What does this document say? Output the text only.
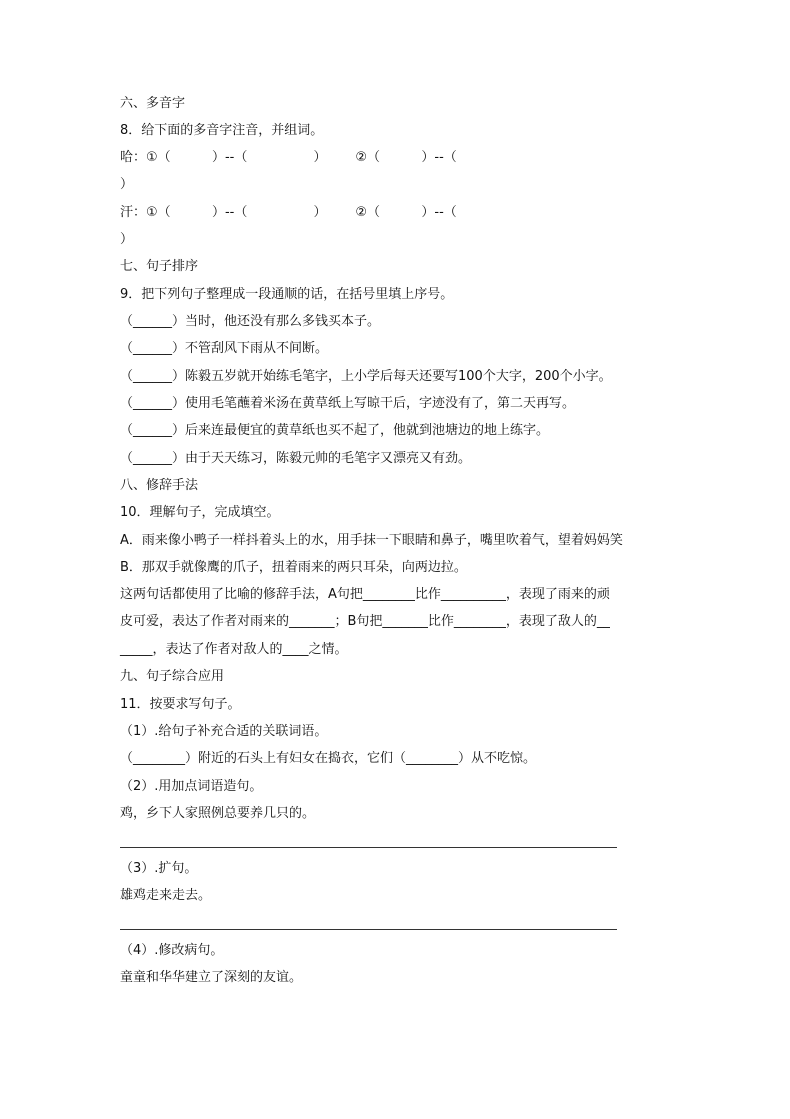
六、多音字
8．给下面的多音字注音，并组词。
哈：①（          ）--（                ）       ②（          ）--（
）
汗：①（          ）--（                ）       ②（          ）--（
）
七、句子排序
9．把下列句子整理成一段通顺的话，在括号里填上序号。
（______）当时，他还没有那么多钱买本子。
（______）不管刮风下雨从不间断。
（______）陈毅五岁就开始练毛笔字，上小学后每天还要写100个大字，200个小字。
（______）使用毛笔蘸着米汤在黄草纸上写晾干后，字迹没有了，第二天再写。
（______）后来连最便宜的黄草纸也买不起了，他就到池塘边的地上练字。
（______）由于天天练习，陈毅元帅的毛笔字又漂亮又有劲。
八、修辞手法
10．理解句子，完成填空。
A．雨来像小鸭子一样抖着头上的水，用手抹一下眼睛和鼻子，嘴里吹着气，望着妈妈笑
B．那双手就像鹰的爪子，扭着雨来的两只耳朵，向两边拉。
这两句话都使用了比喻的修辞手法，A句把________比作__________，表现了雨来的顽
皮可爱，表达了作者对雨来的_______；B句把_______比作________，表现了敌人的__
_____，表达了作者对敌人的____之情。
九、句子综合应用
11．按要求写句子。
（1）.给句子补充合适的关联词语。
（________）附近的石头上有妇女在捣衣，它们（________）从不吃惊。
（2）.用加点词语造句。
鸡，乡下人家照例总要养几只的。
（3）.扩句。
雄鸡走来走去。
（4）.修改病句。
童童和华华建立了深刻的友谊。
